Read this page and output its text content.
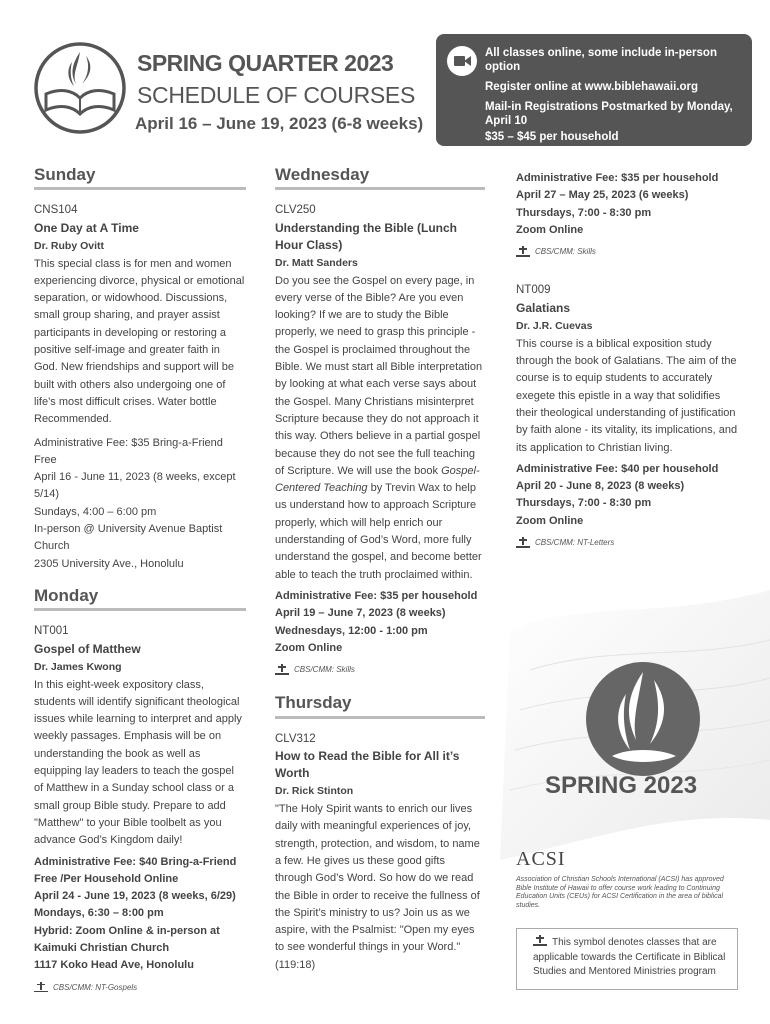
SPRING QUARTER 2023
SCHEDULE OF COURSES
April 16 – June 19, 2023 (6-8 weeks)
All classes online, some include in-person option
Register online at www.biblehawaii.org
Mail-in Registrations Postmarked by Monday, April 10
$35 – $45 per household
Sunday
CNS104
One Day at A Time
Dr. Ruby Ovitt
This special class is for men and women experiencing divorce, physical or emotional separation, or widowhood. Discussions, small group sharing, and prayer assist participants in developing or restoring a positive self-image and greater faith in God. New friendships and support will be built with others also undergoing one of life’s most difficult crises. Water bottle Recommended.
Administrative Fee: $35 Bring-a-Friend Free
April 16 - June 11, 2023 (8 weeks, except 5/14)
Sundays, 4:00 – 6:00 pm
In-person @ University Avenue Baptist Church
2305 University Ave., Honolulu
Monday
NT001
Gospel of Matthew
Dr. James Kwong
In this eight-week expository class, students will identify significant theological issues while learning to interpret and apply weekly passages. Emphasis will be on understanding the book as well as equipping lay leaders to teach the gospel of Matthew in a Sunday school class or a small group Bible study. Prepare to add "Matthew" to your Bible toolbelt as you advance God’s Kingdom daily!
Administrative Fee: $40 Bring-a-Friend Free /Per Household Online
April 24 - June 19, 2023 (8 weeks, 6/29)
Mondays, 6:30 – 8:00 pm
Hybrid: Zoom Online & in-person at Kaimuki Christian Church
1117 Koko Head Ave, Honolulu
CBS/CMM: NT-Gospels
Wednesday
CLV250
Understanding the Bible (Lunch Hour Class)
Dr. Matt Sanders
Do you see the Gospel on every page, in every verse of the Bible? Are you even looking? If we are to study the Bible properly, we need to grasp this principle - the Gospel is proclaimed throughout the Bible. We must start all Bible interpretation by looking at what each verse says about the Gospel. Many Christians misinterpret Scripture because they do not approach it this way. Others believe in a partial gospel because they do not see the full teaching of Scripture. We will use the book Gospel-Centered Teaching by Trevin Wax to help us understand how to approach Scripture properly, which will help enrich our understanding of God’s Word, more fully understand the gospel, and become better able to teach the truth proclaimed within.
Administrative Fee: $35 per household
April 19 – June 7, 2023 (8 weeks)
Wednesdays, 12:00 - 1:00 pm
Zoom Online
CBS/CMM: Skills
Thursday
CLV312
How to Read the Bible for All it’s Worth
Dr. Rick Stinton
"The Holy Spirit wants to enrich our lives daily with meaningful experiences of joy, strength, protection, and wisdom, to name a few. He gives us these good gifts through God’s Word. So how do we read the Bible in order to receive the fullness of the Spirit’s ministry to us? Join us as we aspire, with the Psalmist: "Open my eyes to see wonderful things in your Word." (119:18)
Administrative Fee: $35 per household
April 27 – May 25, 2023 (6 weeks)
Thursdays, 7:00 - 8:30 pm
Zoom Online
CBS/CMM: Skills
NT009
Galatians
Dr. J.R. Cuevas
This course is a biblical exposition study through the book of Galatians. The aim of the course is to equip students to accurately exegete this epistle in a way that solidifies their theological understanding of justification by faith alone - its vitality, its implications, and its application to Christian living.
Administrative Fee: $40 per household
April 20 - June 8, 2023 (8 weeks)
Thursdays, 7:00 - 8:30 pm
Zoom Online
CBS/CMM: NT-Letters
SPRING 2023
ACSI
Association of Christian Schools International (ACSI) has approved Bible Institute of Hawaii to offer course work leading to Continuing Education Units (CEUs) for ACSI Certification in the area of biblical studies.
This symbol denotes classes that are applicable towards the Certificate in Biblical Studies and Mentored Ministries program
